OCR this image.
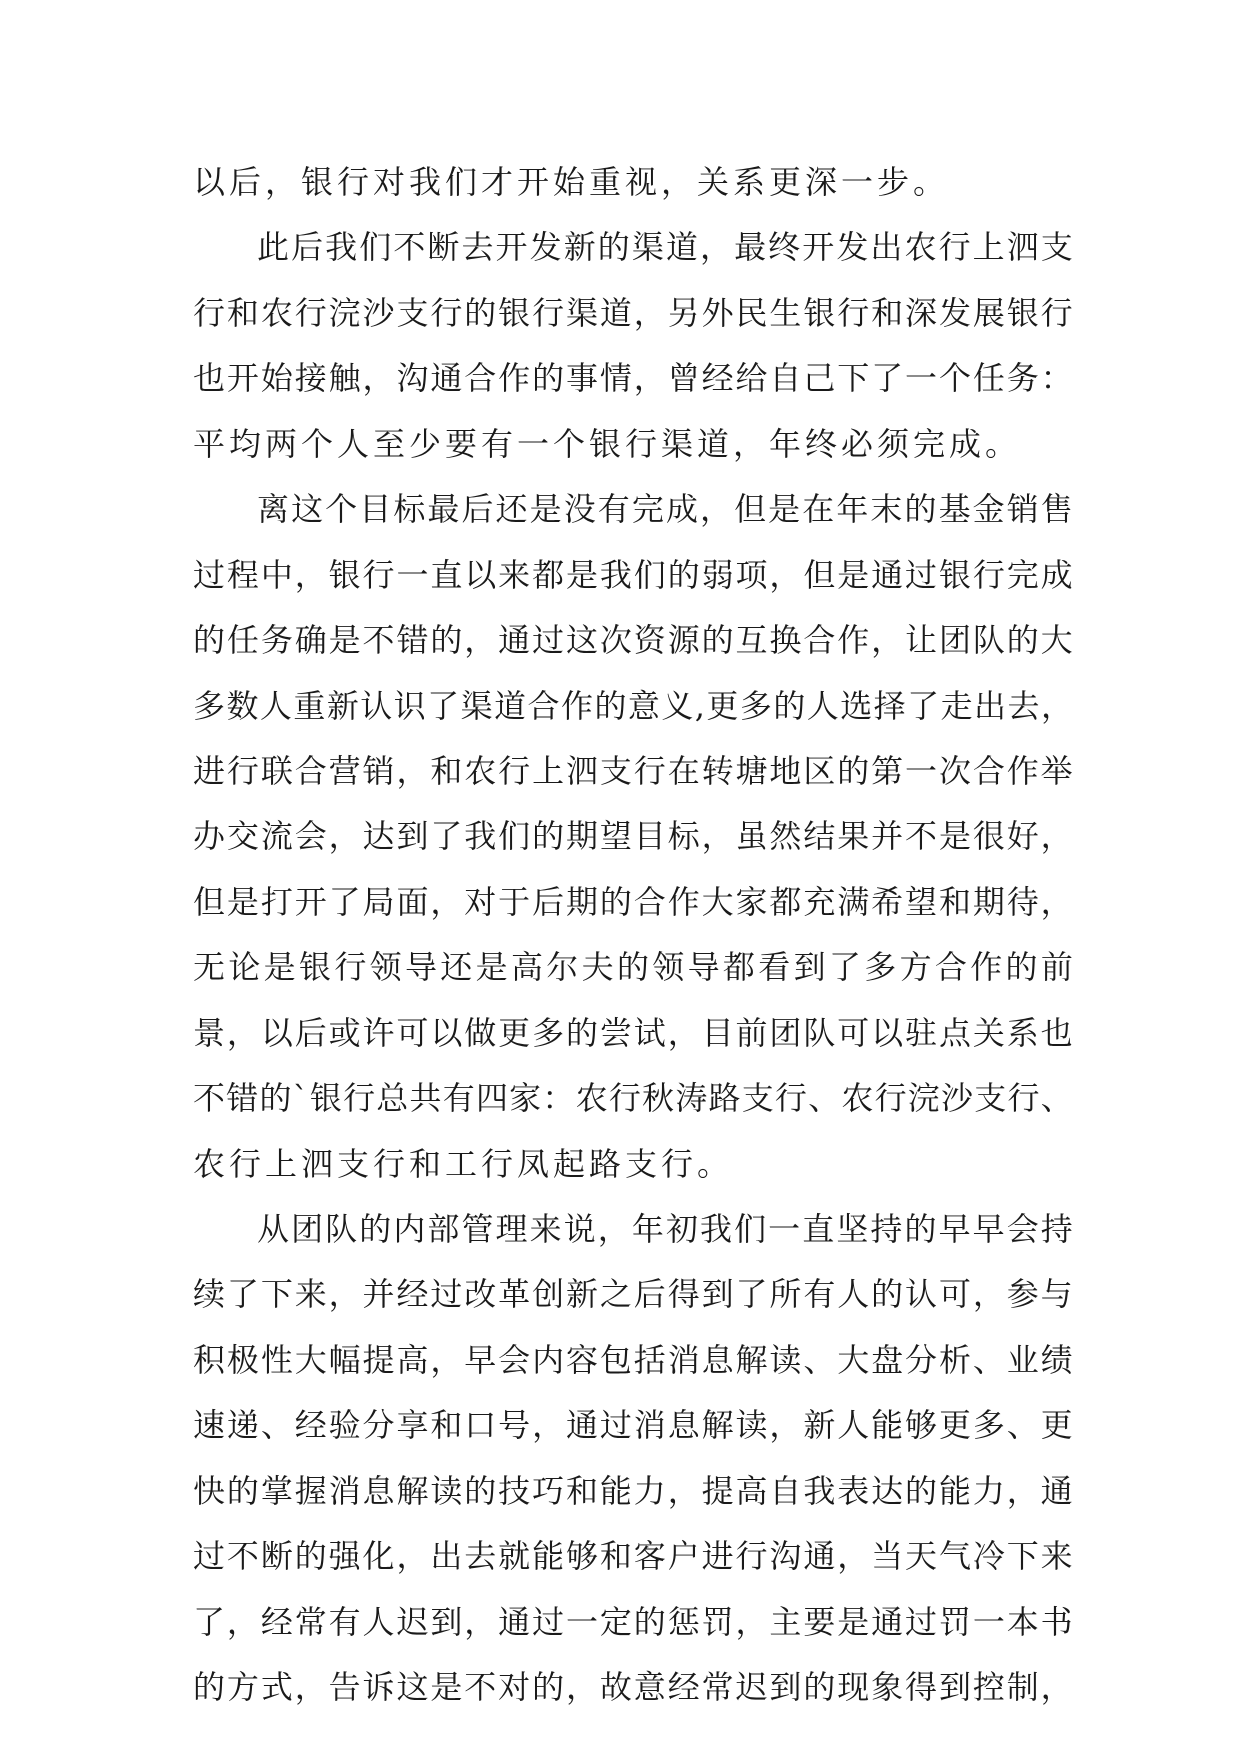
以后，银行对我们才开始重视，关系更深一步。
此 后 我 们 不 断 去 开 发 新 的 渠 道 ， 最 终 开 发 出 农 行 上 泗 支
行 和 农 行 浣 沙 支 行 的 银 行 渠 道 ， 另 外 民 生 银 行 和 深 发 展 银 行
也 开 始 接 触 ， 沟 通 合 作 的 事 情 ， 曾 经 给 自 己 下 了 一 个 任 务 ：
平均两个人至少要有一个银行渠道，年终必须完成。
离 这 个 目 标 最 后 还 是 没 有 完 成 ， 但 是 在 年 末 的 基 金 销 售
过 程 中 ， 银 行 一 直 以 来 都 是 我 们 的 弱 项 ， 但 是 通 过 银 行 完 成
的 任 务 确 是 不 错 的 ， 通 过 这 次 资 源 的 互 换 合 作 ， 让 团 队 的 大
多 数 人 重 新 认 识 了 渠 道 合 作 的 意 义 , 更 多 的 人 选 择 了 走 出 去 ，
进 行 联 合 营 销 ， 和 农 行 上 泗 支 行 在 转 塘 地 区 的 第 一 次 合 作 举
办 交 流 会 ， 达 到 了 我 们 的 期 望 目 标 ， 虽 然 结 果 并 不 是 很 好 ，
但 是 打 开 了 局 面 ， 对 于 后 期 的 合 作 大 家 都 充 满 希 望 和 期 待 ，
无 论 是 银 行 领 导 还 是 高 尔 夫 的 领 导 都 看 到 了 多 方 合 作 的 前
景 ， 以 后 或 许 可 以 做 更 多 的 尝 试 ， 目 前 团 队 可 以 驻 点 关 系 也
不 错 的 ` 银 行 总 共 有 四 家 ： 农 行 秋 涛 路 支 行 、 农 行 浣 沙 支 行 、
农行上泗支行和工行凤起路支行。
从 团 队 的 内 部 管 理 来 说 ， 年 初 我 们 一 直 坚 持 的 早 早 会 持
续 了 下 来 ， 并 经 过 改 革 创 新 之 后 得 到 了 所 有 人 的 认 可 ， 参 与
积 极 性 大 幅 提 高 ， 早 会 内 容 包 括 消 息 解 读 、 大 盘 分 析 、 业 绩
速 递 、 经 验 分 享 和 口 号 ， 通 过 消 息 解 读 ， 新 人 能 够 更 多 、 更
快 的 掌 握 消 息 解 读 的 技 巧 和 能 力 ， 提 高 自 我 表 达 的 能 力 ， 通
过 不 断 的 强 化 ， 出 去 就 能 够 和 客 户 进 行 沟 通 ， 当 天 气 冷 下 来
了 ， 经 常 有 人 迟 到 ， 通 过 一 定 的 惩 罚 ， 主 要 是 通 过 罚 一 本 书
的 方 式 ， 告 诉 这 是 不 对 的 ， 故 意 经 常 迟 到 的 现 象 得 到 控 制 ，
